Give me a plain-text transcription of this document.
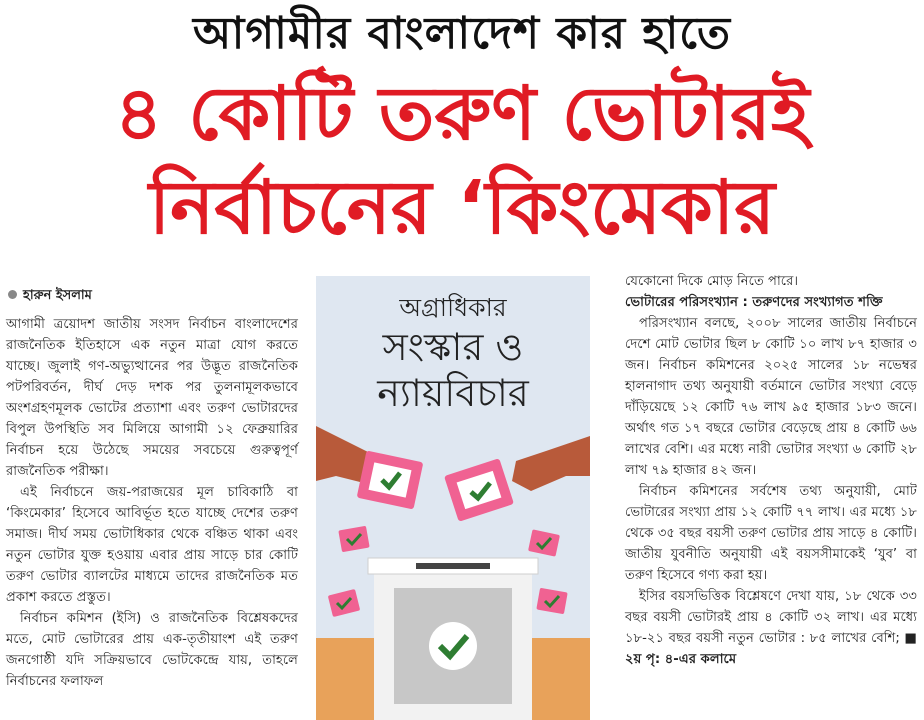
আগামীর বাংলাদেশ কার হাতে
৪ কোটি তরুণ ভোটারই
নির্বাচনের ‘কিংমেকার
হারুন ইসলাম

আগামী ত্রয়োদশ জাতীয় সংসদ নির্বাচন বাংলাদেশের রাজনৈতিক ইতিহাসে এক নতুন মাত্রা যোগ করতে যাচ্ছে। জুলাই গণ-অভ্যুত্থানের পর উদ্ভূত রাজনৈতিক পটপরিবর্তন, দীর্ঘ দেড় দশক পর তুলনামূলকভাবে অংশগ্রহণমূলক ভোটের প্রত্যাশা এবং তরুণ ভোটারদের বিপুল উপস্থিতি সব মিলিয়ে আগামী ১২ ফেব্রুয়ারির নির্বাচন হয়ে উঠেছে সময়ের সবচেয়ে গুরুত্বপূর্ণ রাজনৈতিক পরীক্ষা।

এই নির্বাচনে জয়-পরাজয়ের মূল চাবিকাঠি বা ‘কিংমেকার’ হিসেবে আবির্ভূত হতে যাচ্ছে দেশের তরুণ সমাজ। দীর্ঘ সময় ভোটাধিকার থেকে বঞ্চিত থাকা এবং নতুন ভোটার যুক্ত হওয়ায় এবার প্রায় সাড়ে চার কোটি তরুণ ভোটার ব্যালটের মাধ্যমে তাদের রাজনৈতিক মত প্রকাশ করতে প্রস্তুত।

নির্বাচন কমিশন (ইসি) ও রাজনৈতিক বিশ্লেষকদের মতে, মোট ভোটারের প্রায় এক-তৃতীয়াংশ এই তরুণ জনগোষ্ঠী যদি সক্রিয়ভাবে ভোটকেন্দ্রে যায়, তাহলে নির্বাচনের ফলাফল

অগ্রাধিকার
সংস্কার ও
ন্যায়বিচার

যেকোনো দিকে মোড় নিতে পারে।

ভোটারের পরিসংখ্যান : তরুণদের সংখ্যাগত শক্তি

পরিসংখ্যান বলছে, ২০০৮ সালের জাতীয় নির্বাচনে দেশে মোট ভোটার ছিল ৮ কোটি ১০ লাখ ৮৭ হাজার ৩ জন। নির্বাচন কমিশনের ২০২৫ সালের ১৮ নভেম্বর হালনাগাদ তথ্য অনুযায়ী বর্তমানে ভোটার সংখ্যা বেড়ে দাঁড়িয়েছে ১২ কোটি ৭৬ লাখ ৯৫ হাজার ১৮৩ জনে। অর্থাৎ গত ১৭ বছরে ভোটার বেড়েছে প্রায় ৪ কোটি ৬৬ লাখের বেশি। এর মধ্যে নারী ভোটার সংখ্যা ৬ কোটি ২৮ লাখ ৭৯ হাজার ৪২ জন।

নির্বাচন কমিশনের সর্বশেষ তথ্য অনুযায়ী, মোট ভোটারের সংখ্যা প্রায় ১২ কোটি ৭৭ লাখ। এর মধ্যে ১৮ থেকে ৩৫ বছর বয়সী তরুণ ভোটার প্রায় সাড়ে ৪ কোটি। জাতীয় যুবনীতি অনুযায়ী এই বয়সসীমাকেই ‘যুব’ বা তরুণ হিসেবে গণ্য করা হয়।

ইসির বয়সভিত্তিক বিশ্লেষণে দেখা যায়, ১৮ থেকে ৩৩ বছর বয়সী ভোটারই প্রায় ৪ কোটি ৩২ লাখ। এর মধ্যে ১৮-২১ বছর বয়সী নতুন ভোটার : ৮৫ লাখের বেশি; ■ ২য় পৃ: ৪-এর কলামে
